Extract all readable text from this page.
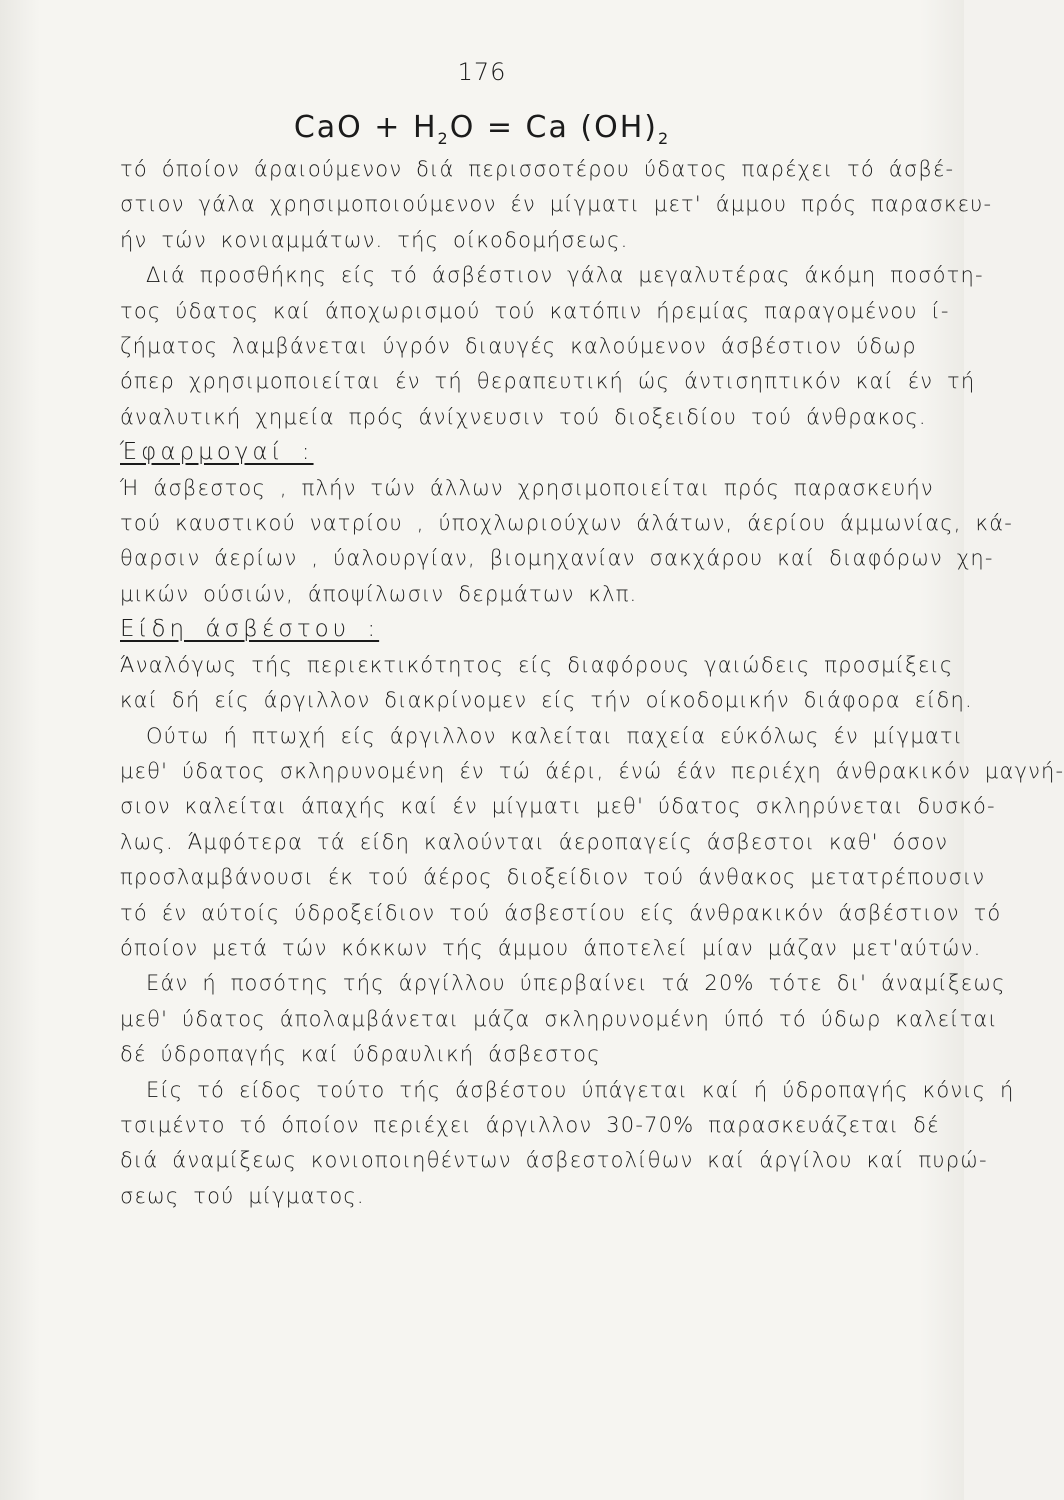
176
CaO + $H_2O = Ca$ $(OH)_2$
τό όποίον άραιούμενον διά περισσοτέρου ύδατος παρέχει τό άσβέ-
στιον γάλα χρησιμοποιούμενον έν μίγματι μετ' άμμου πρός παρασκευ-
ήν τών κονιαμμάτων. τής οίκοδομήσεως.
Διά προσθήκης είς τό άσβέστιον γάλα μεγαλυτέρας άκόμη ποσότη-
τος ύδατος καί άποχωρισμού τού κατόπιν ήρεμίας παραγομένου ί-
ζήματος λαμβάνεται ύγρόν διαυγές καλούμενον άσβέστιον ύδωρ
όπερ χρησιμοποιείται έν τή θεραπευτική ώς άντισηπτικόν καί έν τή
άναλυτική χημεία πρός άνίχνευσιν τού διοξειδίου τού άνθρακος.
Έφαρμογαί :
Ή άσβεστος , πλήν τών άλλων χρησιμοποιείται πρός παρασκευήν
τού καυστικού νατρίου , ύποχλωριούχων άλάτων, άερίου άμμωνίας, κά-
θαρσιν άερίων , ύαλουργίαν, βιομηχανίαν σακχάρου καί διαφόρων χη-
μικών ούσιών, άποψίλωσιν δερμάτων κλπ.
Είδη άσβέστου :
Άναλόγως τής περιεκτικότητος είς διαφόρους γαιώδεις προσμίξεις
καί δή είς άργιλλον διακρίνομεν είς τήν οίκοδομικήν διάφορα είδη.
Ούτω ή πτωχή είς άργιλλον καλείται παχεία εύκόλως έν μίγματι
μεθ' ύδατος σκληρυνομένη έν τώ άέρι, ένώ έάν περιέχη άνθρακικόν μαγνή-
σιον καλείται άπαχής καί έν μίγματι μεθ' ύδατος σκληρύνεται δυσκό-
λως. Άμφότερα τά είδη καλούνται άεροπαγείς άσβεστοι καθ' όσον
προσλαμβάνουσι έκ τού άέρος διοξείδιον τού άνθακος μετατρέπουσιν
τό έν αύτοίς ύδροξείδιον τού άσβεστίου είς άνθρακικόν άσβέστιον τό
όποίον μετά τών κόκκων τής άμμου άποτελεί μίαν μάζαν μετ'αύτών.
Εάν ή ποσότης τής άργίλλου ύπερβαίνει τά 20% τότε δι' άναμίξεως
μεθ' ύδατος άπολαμβάνεται μάζα σκληρυνομένη ύπό τό ύδωρ καλείται
δέ ύδροπαγής καί ύδραυλική άσβεστος
Είς τό είδος τούτο τής άσβέστου ύπάγεται καί ή ύδροπαγής κόνις ή
τσιμέντο τό όποίον περιέχει άργιλλον 30-70% παρασκευάζεται δέ
διά άναμίξεως κονιοποιηθέντων άσβεστολίθων καί άργίλου καί πυρώ-
σεως τού μίγματος.
